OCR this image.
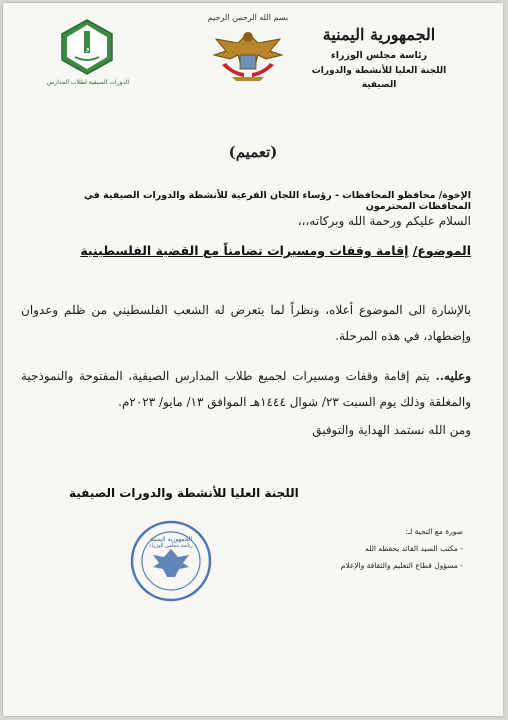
الجمهورية اليمنية
رئاسة مجلس الوزراء
اللجنة العليا للأنشطة والدورات الصيفية
بسم الله الرحمن الرحيم
علم و جهاد
الدورات الصيفية لطلاب المدارس
(تعميم)
الإخوة/ محافظو المحافظات - رؤساء اللجان الفرعية للأنشطة والدورات الصيفية في المحافظات المحترمون
السلام عليكم ورحمة الله وبركاته،،،
الموضوع/ إقامة وقفات ومسيرات تضامناً مع القضية الفلسطينية
بالإشارة الى الموضوع أعلاه، ونظراً لما يتعرض له الشعب الفلسطيني من ظلم وعدوان وإضطهاد، في هذه المرحلة.
وعليه.. يتم إقامة وقفات ومسيرات لجميع طلاب المدارس الصيفية، المفتوحة والنموذجية والمغلقة وذلك يوم السبت ٢٣/ شوال ١٤٤٤هـ الموافق ١٣/ مايو/ ٢٠٢٣م.
ومن الله نستمد الهداية والتوفيق
اللجنة العليا للأنشطة والدورات الصيفية
صورة مع التحية لـ:
- مكتب السيد القائد يحفظه الله
- مسؤول قطاع التعليم والثقافة والإعلام
الجمهورية اليمنية
رئاسة مجلس الوزراء
